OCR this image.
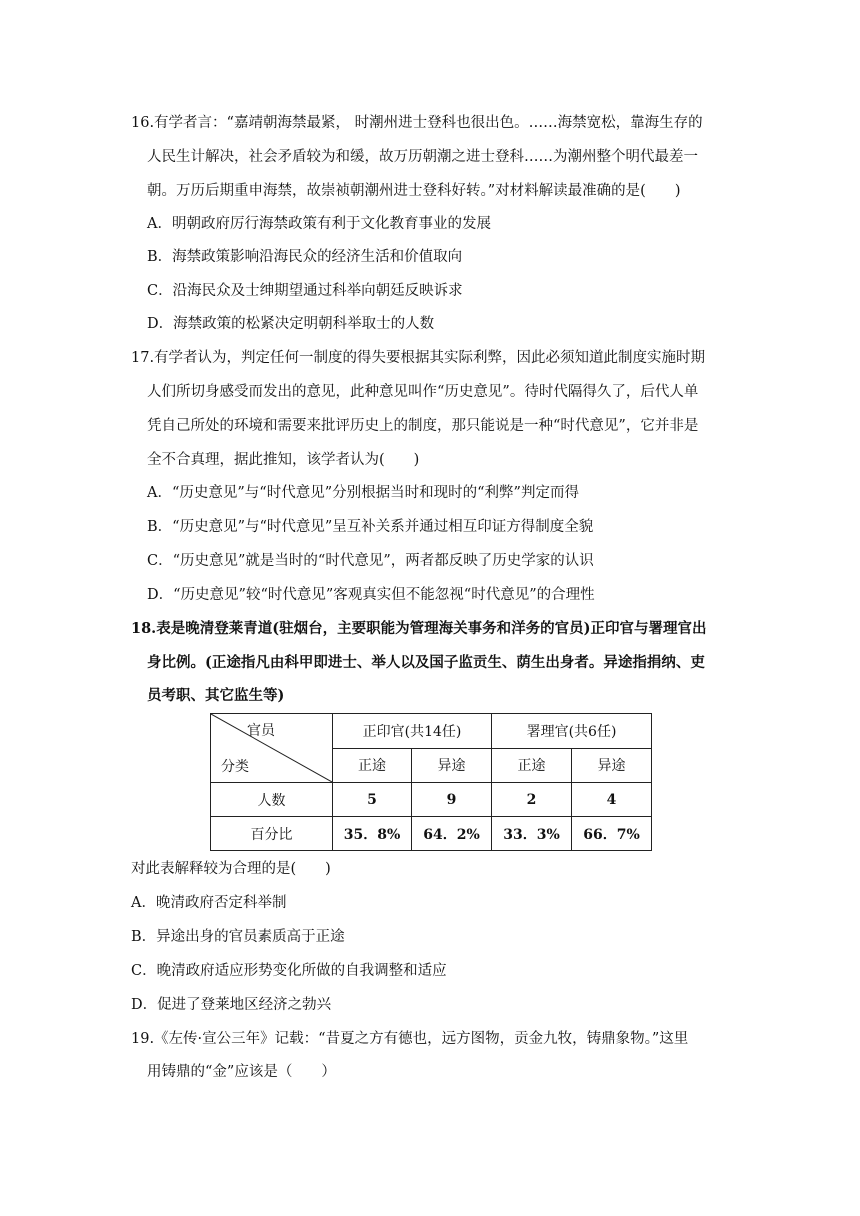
16.有学者言：“嘉靖朝海禁最紧， 时潮州进士登科也很出色。……海禁宽松，靠海生存的
人民生计解决，社会矛盾较为和缓，故万历朝潮之进士登科……为潮州整个明代最差一
朝。万历后期重申海禁，故崇祯朝潮州进士登科好转。”对材料解读最准确的是(　　)
A．明朝政府厉行海禁政策有利于文化教育事业的发展
B．海禁政策影响沿海民众的经济生活和价值取向
C．沿海民众及士绅期望通过科举向朝廷反映诉求
D．海禁政策的松紧决定明朝科举取士的人数
17.有学者认为，判定任何一制度的得失要根据其实际利弊，因此必须知道此制度实施时期
人们所切身感受而发出的意见，此种意见叫作“历史意见”。待时代隔得久了，后代人单
凭自己所处的环境和需要来批评历史上的制度，那只能说是一种“时代意见”，它并非是
全不合真理，据此推知，该学者认为(　　)
A．“历史意见”与“时代意见”分别根据当时和现时的“利弊”判定而得
B．“历史意见”与“时代意见”呈互补关系并通过相互印证方得制度全貌
C．“历史意见”就是当时的“时代意见”，两者都反映了历史学家的认识
D．“历史意见”较“时代意见”客观真实但不能忽视“时代意见”的合理性
18.表是晚清登莱青道(驻烟台，主要职能为管理海关事务和洋务的官员)正印官与署理官出
身比例。(正途指凡由科甲即进士、举人以及国子监贡生、荫生出身者。异途指捐纳、吏
员考职、其它监生等)
官员
分类	正印官(共14任)		署理官(共6任)	
	正途	异途	正途	异途
人数	5	9	2	4
百分比	35．8%	64．2%	33．3%	66．7%
对此表解释较为合理的是(　　)
A．晚清政府否定科举制
B．异途出身的官员素质高于正途
C．晚清政府适应形势变化所做的自我调整和适应
D．促进了登莱地区经济之勃兴
19.《左传·宣公三年》记载：“昔夏之方有德也，远方图物，贡金九牧，铸鼎象物。”这里
用铸鼎的“金”应该是（　　）
